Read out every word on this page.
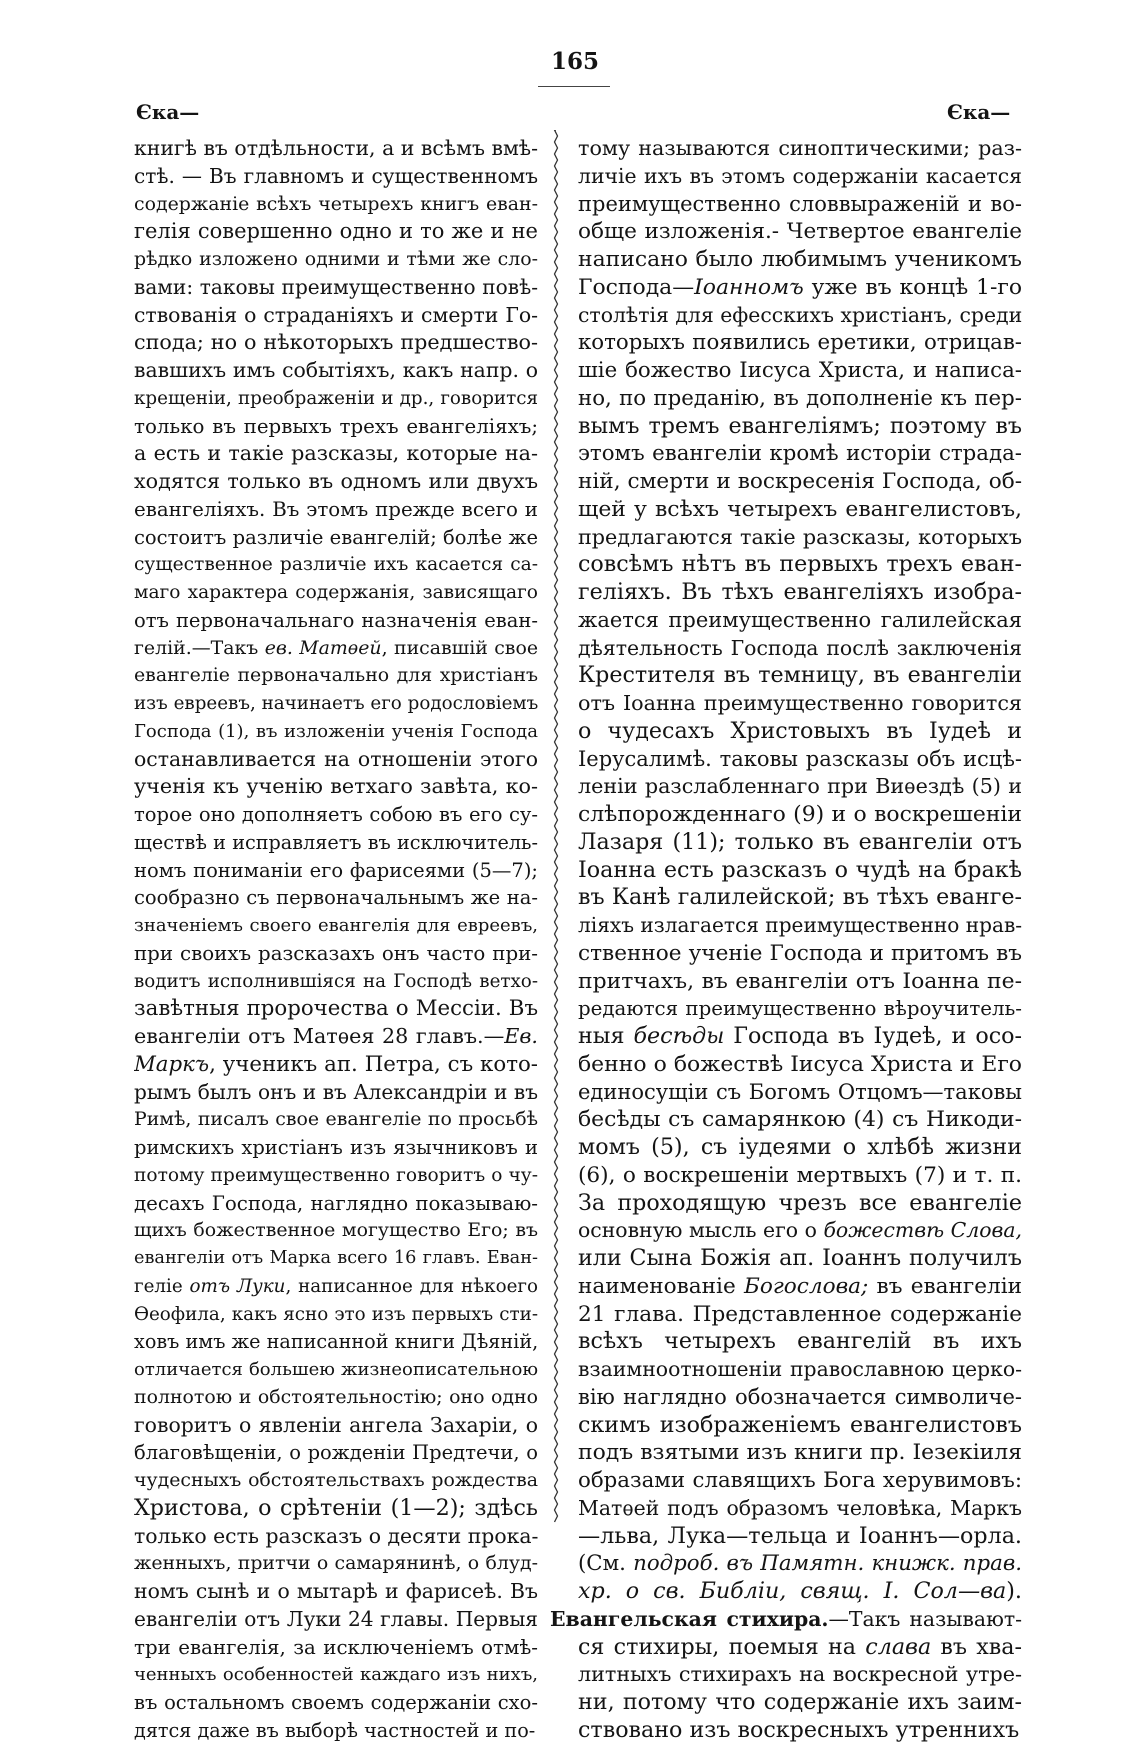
165
Єка—	Єка—
книгѣ въ отдѣльности, а и всѣмъ вмѣ-
стѣ. — Въ главномъ и существенномъ
содержаніе всѣхъ четырехъ книгъ еван-
гелія совершенно одно и то же и не
рѣдко изложено одними и тѣми же сло-
вами: таковы преимущественно повѣ-
ствованія о страданіяхъ и смерти Го-
спода; но о нѣкоторыхъ предшество-
вавшихъ имъ событіяхъ, какъ напр. о
крещеніи, преображеніи и др., говорится
только въ первыхъ трехъ евангеліяхъ;
а есть и такіе разсказы, которые на-
ходятся только въ одномъ или двухъ
евангеліяхъ. Въ этомъ прежде всего и
состоитъ различіе евангелій; болѣе же
существенное различіе ихъ касается са-
маго характера содержанія, зависящаго
отъ первоначальнаго назначенія еван-
гелій.—Такъ ев. Матѳей, писавшій свое
евангеліе первоначально для христіанъ
изъ евреевъ, начинаетъ его родословіемъ
Господа (1), въ изложеніи ученія Господа
останавливается на отношеніи этого
ученія къ ученію ветхаго завѣта, ко-
торое оно дополняетъ собою въ его су-
ществѣ и исправляетъ въ исключитель-
номъ пониманіи его фарисеями (5—7);
сообразно съ первоначальнымъ же на-
значеніемъ своего евангелія для евреевъ,
при своихъ разсказахъ онъ часто при-
водитъ исполнившіяся на Господѣ ветхо-
завѣтныя пророчества о Мессіи. Въ
евангеліи отъ Матѳея 28 главъ.—Ев.
Маркъ, ученикъ ап. Петра, съ кото-
рымъ былъ онъ и въ Александріи и въ
Римѣ, писалъ свое евангеліе по просьбѣ
римскихъ христіанъ изъ язычниковъ и
потому преимущественно говоритъ о чу-
десахъ Господа, наглядно показываю-
щихъ божественное могущество Его; въ
евангеліи отъ Марка всего 16 главъ. Еван-
геліе отъ Луки, написанное для нѣкоего
Ѳеофила, какъ ясно это изъ первыхъ сти-
ховъ имъ же написанной книги Дѣяній,
отличается большею жизнеописательною
полнотою и обстоятельностію; оно одно
говоритъ о явленіи ангела Захаріи, о
благовѣщеніи, о рожденіи Предтечи, о
чудесныхъ обстоятельствахъ рождества
Христова, о срѣтеніи (1—2); здѣсь
только есть разсказъ о десяти прока-
женныхъ, притчи о самарянинѣ, о блуд-
номъ сынѣ и о мытарѣ и фарисеѣ. Въ
евангеліи отъ Луки 24 главы. Первыя
три евангелія, за исключеніемъ отмѣ-
ченныхъ особенностей каждаго изъ нихъ,
въ остальномъ своемъ содержаніи схо-
дятся даже въ выборѣ частностей и по-
тому называются синоптическими; раз-
личіе ихъ въ этомъ содержаніи касается
преимущественно словвыраженій и во-
обще изложенія.- Четвертое евангеліе
написано было любимымъ ученикомъ
Господа—Іоанномъ уже въ концѣ 1-го
столѣтія для ефесскихъ христіанъ, среди
которыхъ появились еретики, отрицав-
шіе божество Іисуса Христа, и написа-
но, по преданію, въ дополненіе къ пер-
вымъ тремъ евангеліямъ; поэтому въ
этомъ евангеліи кромѣ исторіи страда-
ній, смерти и воскресенія Господа, об-
щей у всѣхъ четырехъ евангелистовъ,
предлагаются такіе разсказы, которыхъ
совсѣмъ нѣтъ въ первыхъ трехъ еван-
геліяхъ. Въ тѣхъ евангеліяхъ изобра-
жается преимущественно галилейская
дѣятельность Господа послѣ заключенія
Крестителя въ темницу, въ евангеліи
отъ Іоанна преимущественно говорится
о чудесахъ Христовыхъ въ Іудеѣ и
Іерусалимѣ. таковы разсказы объ исцѣ-
леніи разслабленнаго при Виѳездѣ (5) и
слѣпорожденнаго (9) и о воскрешеніи
Лазаря (11); только въ евангеліи отъ
Іоанна есть разсказъ о чудѣ на бракѣ
въ Канѣ галилейской; въ тѣхъ еванге-
ліяхъ излагается преимущественно нрав-
ственное ученіе Господа и притомъ въ
притчахъ, въ евангеліи отъ Іоанна пе-
редаются преимущественно вѣроучитель-
ныя бесѣды Господа въ Іудеѣ, и осо-
бенно о божествѣ Іисуса Христа и Его
единосущіи съ Богомъ Отцомъ—таковы
бесѣды съ самарянкою (4) съ Никоди-
момъ (5), съ іудеями о хлѣбѣ жизни
(6), о воскрешеніи мертвыхъ (7) и т. п.
За проходящую чрезъ все евангеліе
основную мысль его о божествѣ Слова,
или Сына Божія ап. Іоаннъ получилъ
наименованіе Богослова; въ евангеліи
21 глава. Представленное содержаніе
всѣхъ четырехъ евангелій въ ихъ
взаимноотношеніи православною церко-
вію наглядно обозначается символиче-
скимъ изображеніемъ евангелистовъ
подъ взятыми изъ книги пр. Іезекіиля
образами славящихъ Бога херувимовъ:
Матѳей подъ образомъ человѣка, Маркъ
—льва, Лука—тельца и Іоаннъ—орла.
(См. подроб. въ Памятн. книжк. прав.
хр. о св. Библіи, свящ. І. Сол—ва).
Евангельская стихира.—Такъ называют-
ся стихиры, поемыя на слава въ хва-
литныхъ стихирахъ на воскресной утре-
ни, потому что содержаніе ихъ заим-
ствовано изъ воскресныхъ утреннихъ
